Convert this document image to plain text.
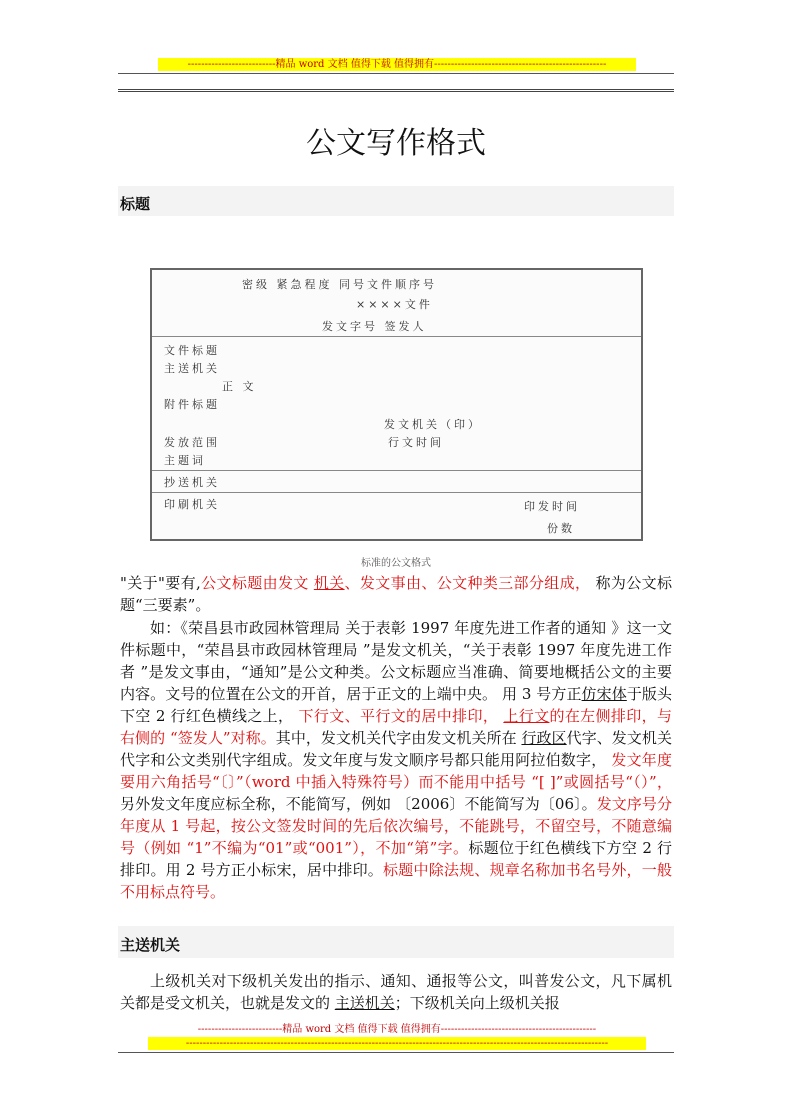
--------------------------精品 word 文档 值得下载 值得拥有---------------------------------------------------
公文写作格式
标题
密级 紧急程度 同号文件顺序号
××××文件
发文字号 签发人
文件标题
主送机关
正 文
附件标题
发文机关（印）
发放范围	行文时间
主题词
抄送机关
印刷机关	印发时间
份数
标准的公文格式

"关于"要有,公文标题由发文 机关、发文事由、公文种类三部分组成， 称为公文标题“三要素”。

如：《荣昌县市政园林管理局 关于表彰 1997 年度先进工作者的通知 》这一文件标题中，“荣昌县市政园林管理局 ”是发文机关，“关于表彰 1997 年度先进工作者 ”是发文事由，“通知”是公文种类。公文标题应当准确、简要地概括公文的主要内容。文号的位置在公文的开首，居于正文的上端中央。 用 3 号方正仿宋体于版头下空 2 行红色横线之上， 下行文、平行文的居中排印， 上行文的在左侧排印，与右侧的 “签发人”对称。其中，发文机关代字由发文机关所在 行政区代字、发文机关代字和公文类别代字组成。发文年度与发文顺序号都只能用阿拉伯数字， 发文年度要用六角括号“〔〕”（word 中插入特殊符号）而不能用中括号 “[ ]”或圆括号“（）”，另外发文年度应标全称，不能简写，例如 〔2006〕不能简写为〔06〕。发文序号分年度从 1 号起，按公文签发时间的先后依次编号，不能跳号，不留空号，不随意编号（例如 “1”不编为“01”或“001”），不加“第”字。标题位于红色横线下方空 2 行排印。用 2 号方正小标宋，居中排印。标题中除法规、规章名称加书名号外，一般不用标点符号。

主送机关

上级机关对下级机关发出的指示、通知、通报等公文，叫普发公文，凡下属机关都是受文机关，也就是发文的 主送机关；下级机关向上级机关报

-------------------------精品 word 文档 值得下载 值得拥有----------------------------------------------
-----------------------------------------------------------------------------------------------------------------------------
